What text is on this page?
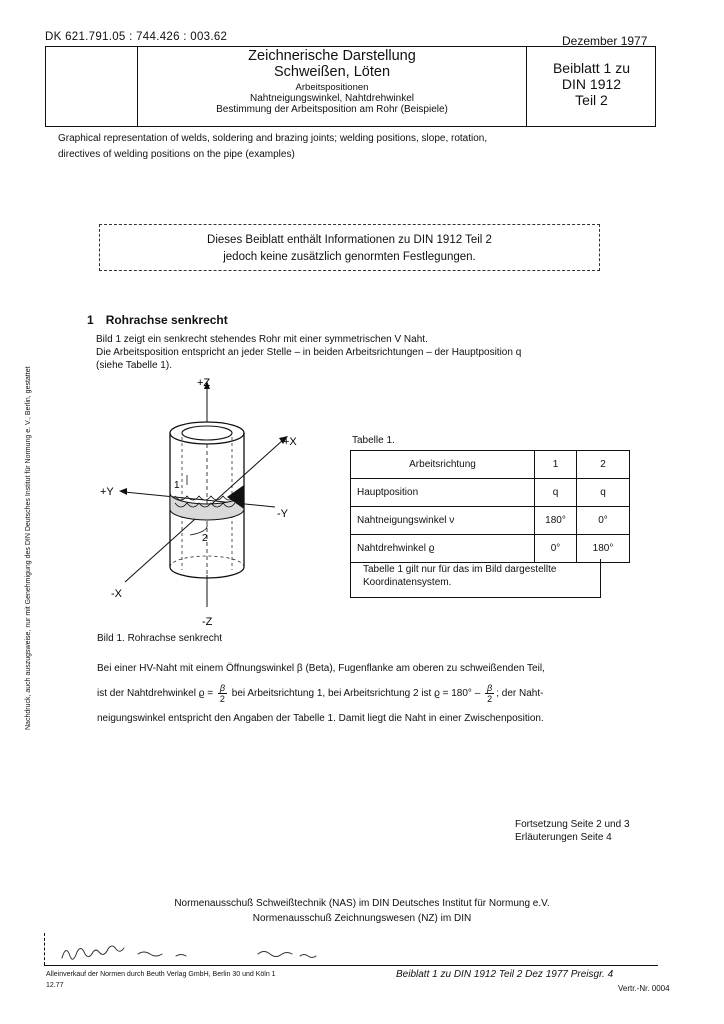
DK 621.791.05 : 744.426 : 003.62	Dezember 1977
Zeichnerische Darstellung
Schweißen, Löten
Arbeitspositionen
Nahtneigungswinkel, Nahtdrehwinkel
Bestimmung der Arbeitsposition am Rohr (Beispiele)
Beiblatt 1 zu
DIN 1912
Teil 2
Graphical representation of welds, soldering and brazing joints; welding positions, slope, rotation, directives of welding positions on the pipe (examples)
Dieses Beiblatt enthält Informationen zu DIN 1912 Teil 2
jedoch keine zusätzlich genormten Festlegungen.
Nachdruck, auch auszugsweise, nur mit Genehmigung des DIN Deutsches Institut für Normung e. V., Berlin, gestattet
1 Rohrachse senkrecht
Bild 1 zeigt ein senkrecht stehendes Rohr mit einer symmetrischen V Naht.
Die Arbeitsposition entspricht an jeder Stelle – in beiden Arbeitsrichtungen – der Hauptposition q
(siehe Tabelle 1).
+Z
-Z
+X
-X
+Y
-Y
1
2
Tabelle 1.
Arbeitsrichtung	1	2
Hauptposition	q	q
Nahtneigungswinkel ν	180°	0°
Nahtdrehwinkel ϱ	0°	180°
Tabelle 1 gilt nur für das im Bild dargestellte
Koordinatensystem.
Bild 1. Rohrachse senkrecht
Bei einer HV-Naht mit einem Öffnungswinkel β (Beta), Fugenflanke am oberen zu schweißenden Teil,
ist der Nahtdrehwinkel $ϱ = \frac{\beta}{2}$ bei Arbeitsrichtung 1, bei Arbeitsrichtung 2 ist $ϱ = 180^\circ - \frac{\beta}{2}$ ; der Naht-
neigungswinkel entspricht den Angaben der Tabelle 1. Damit liegt die Naht in einer Zwischenposition.
Fortsetzung Seite 2 und 3
Erläuterungen Seite 4
Normenausschuß Schweißtechnik (NAS) im DIN Deutsches Institut für Normung e.V.
Normenausschuß Zeichnungswesen (NZ) im DIN
Alleinverkauf der Normen durch Beuth Verlag GmbH, Berlin 30 und Köln 1
12.77
Beiblatt 1 zu DIN 1912 Teil 2 Dez 1977 Preisgr. 4
Vertr.-Nr. 0004
